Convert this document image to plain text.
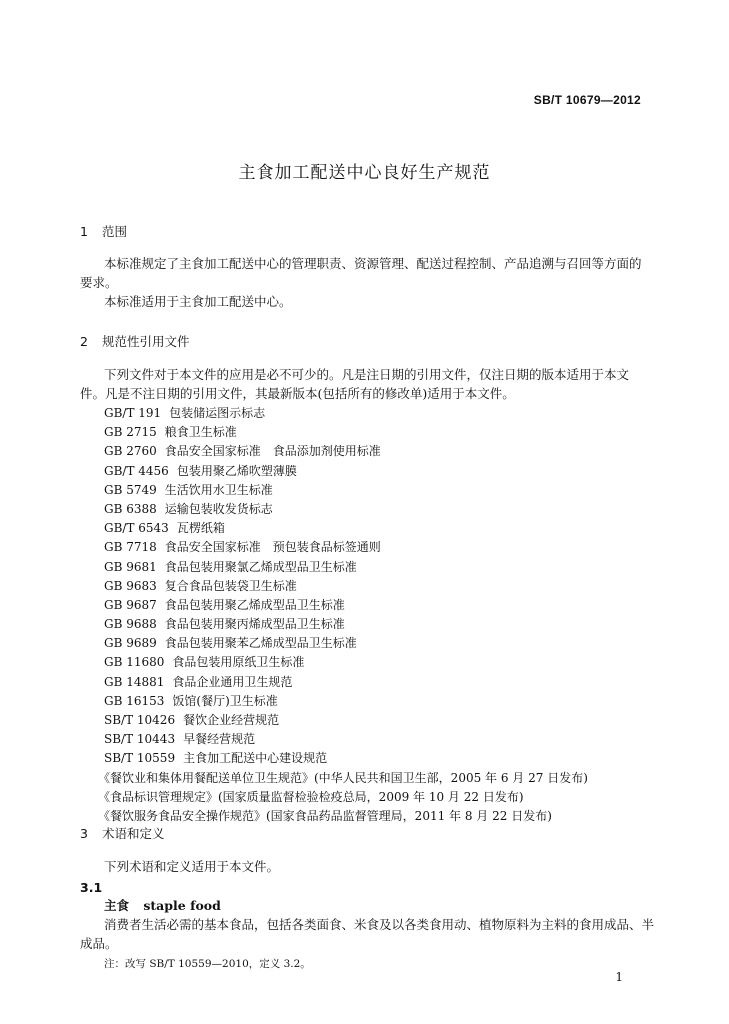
SB/T 10679—2012
主食加工配送中心良好生产规范
1 范围
本标准规定了主食加工配送中心的管理职责、资源管理、配送过程控制、产品追溯与召回等方面的
要求。
本标准适用于主食加工配送中心。
2 规范性引用文件
下列文件对于本文件的应用是必不可少的。凡是注日期的引用文件，仅注日期的版本适用于本文
件。凡是不注日期的引用文件，其最新版本(包括所有的修改单)适用于本文件。
GB/T 191 包装储运图示标志
GB 2715 粮食卫生标准
GB 2760 食品安全国家标准　食品添加剂使用标准
GB/T 4456 包装用聚乙烯吹塑薄膜
GB 5749 生活饮用水卫生标准
GB 6388 运输包装收发货标志
GB/T 6543 瓦楞纸箱
GB 7718 食品安全国家标准　预包装食品标签通则
GB 9681 食品包装用聚氯乙烯成型品卫生标准
GB 9683 复合食品包装袋卫生标准
GB 9687 食品包装用聚乙烯成型品卫生标准
GB 9688 食品包装用聚丙烯成型品卫生标准
GB 9689 食品包装用聚苯乙烯成型品卫生标准
GB 11680 食品包装用原纸卫生标准
GB 14881 食品企业通用卫生规范
GB 16153 饭馆(餐厅)卫生标准
SB/T 10426 餐饮企业经营规范
SB/T 10443 早餐经营规范
SB/T 10559 主食加工配送中心建设规范
《餐饮业和集体用餐配送单位卫生规范》(中华人民共和国卫生部，2005 年 6 月 27 日发布)
《食品标识管理规定》(国家质量监督检验检疫总局，2009 年 10 月 22 日发布)
《餐饮服务食品安全操作规范》(国家食品药品监督管理局，2011 年 8 月 22 日发布)
3 术语和定义
下列术语和定义适用于本文件。
3.1
主食 staple food
消费者生活必需的基本食品，包括各类面食、米食及以各类食用动、植物原料为主料的食用成品、半
成品。
注：改写 SB/T 10559—2010，定义 3.2。
1
